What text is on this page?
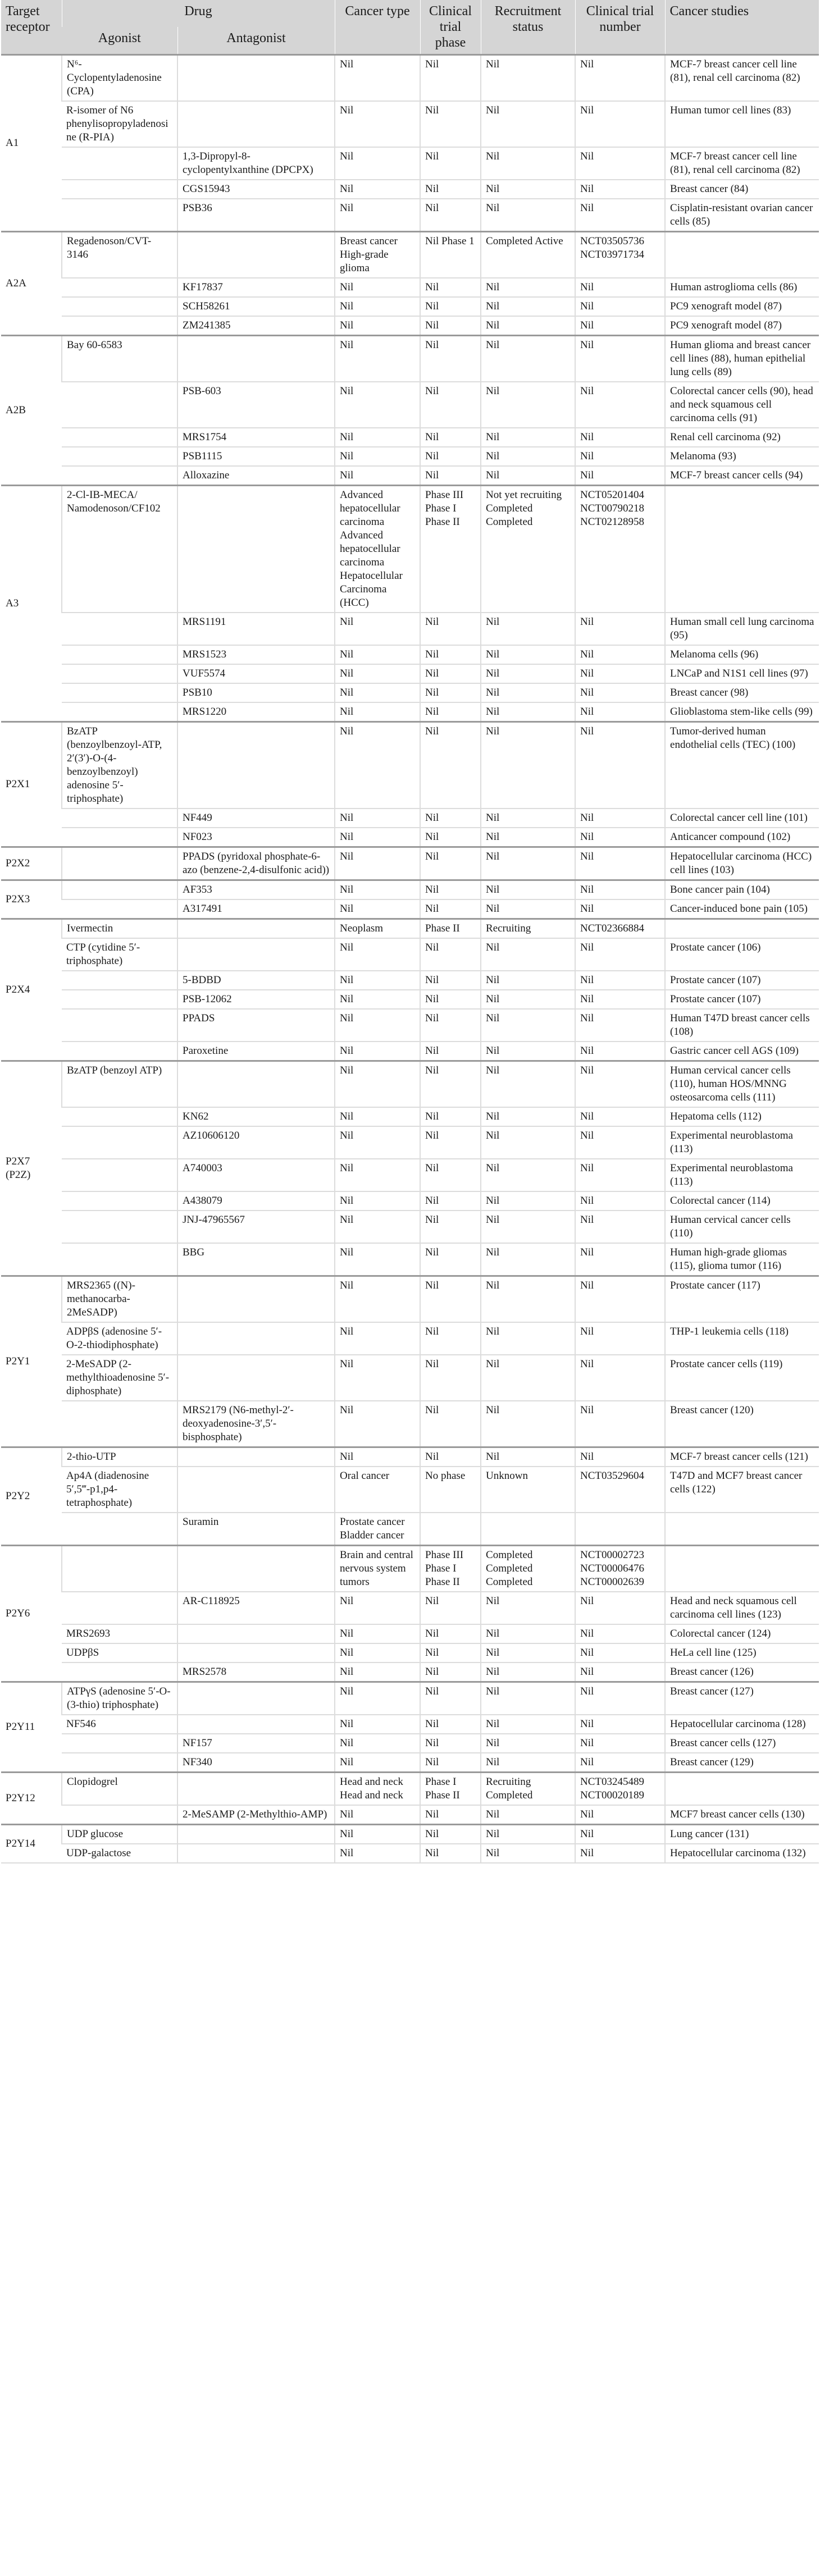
Target receptor	Drug		Cancer type	Clinical trial phase	Recruitment status	Clinical trial number	Cancer studies
	Agonist	Antagonist					
A1	N⁶-Cyclopentyladenosine (CPA)		Nil	Nil	Nil	Nil	MCF-7 breast cancer cell line (81), renal cell carcinoma (82)
	R-isomer of N6 phenylisopropyladenosine (R-PIA)		Nil	Nil	Nil	Nil	Human tumor cell lines (83)
		1,3-Dipropyl-8-cyclopentylxanthine (DPCPX)	Nil	Nil	Nil	Nil	MCF-7 breast cancer cell line (81), renal cell carcinoma (82)
		CGS15943	Nil	Nil	Nil	Nil	Breast cancer (84)
		PSB36	Nil	Nil	Nil	Nil	Cisplatin-resistant ovarian cancer cells (85)
A2A	Regadenoson/CVT-3146		Breast cancer High-grade glioma	Nil Phase 1	Completed Active	NCT03505736 NCT03971734	
		KF17837	Nil	Nil	Nil	Nil	Human astroglioma cells (86)
		SCH58261	Nil	Nil	Nil	Nil	PC9 xenograft model (87)
		ZM241385	Nil	Nil	Nil	Nil	PC9 xenograft model (87)
A2B	Bay 60-6583		Nil	Nil	Nil	Nil	Human glioma and breast cancer cell lines (88), human epithelial lung cells (89)
		PSB-603	Nil	Nil	Nil	Nil	Colorectal cancer cells (90), head and neck squamous cell carcinoma cells (91)
		MRS1754	Nil	Nil	Nil	Nil	Renal cell carcinoma (92)
		PSB1115	Nil	Nil	Nil	Nil	Melanoma (93)
		Alloxazine	Nil	Nil	Nil	Nil	MCF-7 breast cancer cells (94)
A3	2-Cl-IB-MECA/ Namodenoson/CF102		Advanced hepatocellular carcinoma Advanced hepatocellular carcinoma Hepatocellular Carcinoma (HCC)	Phase III Phase I Phase II	Not yet recruiting Completed Completed	NCT05201404 NCT00790218 NCT02128958	
		MRS1191	Nil	Nil	Nil	Nil	Human small cell lung carcinoma (95)
		MRS1523	Nil	Nil	Nil	Nil	Melanoma cells (96)
		VUF5574	Nil	Nil	Nil	Nil	LNCaP and N1S1 cell lines (97)
		PSB10	Nil	Nil	Nil	Nil	Breast cancer (98)
		MRS1220	Nil	Nil	Nil	Nil	Glioblastoma stem-like cells (99)
P2X1	BzATP (benzoylbenzoyl-ATP, 2′(3′)-O-(4-benzoylbenzoyl) adenosine 5′-triphosphate)		Nil	Nil	Nil	Nil	Tumor-derived human endothelial cells (TEC) (100)
		NF449	Nil	Nil	Nil	Nil	Colorectal cancer cell line (101)
		NF023	Nil	Nil	Nil	Nil	Anticancer compound (102)
P2X2		PPADS (pyridoxal phosphate-6-azo (benzene-2,4-disulfonic acid))	Nil	Nil	Nil	Nil	Hepatocellular carcinoma (HCC) cell lines (103)
P2X3		AF353	Nil	Nil	Nil	Nil	Bone cancer pain (104)
		A317491	Nil	Nil	Nil	Nil	Cancer-induced bone pain (105)
P2X4	Ivermectin		Neoplasm	Phase II	Recruiting	NCT02366884	
	CTP (cytidine 5′-triphosphate)		Nil	Nil	Nil	Nil	Prostate cancer (106)
		5-BDBD	Nil	Nil	Nil	Nil	Prostate cancer (107)
		PSB-12062	Nil	Nil	Nil	Nil	Prostate cancer (107)
		PPADS	Nil	Nil	Nil	Nil	Human T47D breast cancer cells (108)
		Paroxetine	Nil	Nil	Nil	Nil	Gastric cancer cell AGS (109)
P2X7 (P2Z)	BzATP (benzoyl ATP)		Nil	Nil	Nil	Nil	Human cervical cancer cells (110), human HOS/MNNG osteosarcoma cells (111)
		KN62	Nil	Nil	Nil	Nil	Hepatoma cells (112)
		AZ10606120	Nil	Nil	Nil	Nil	Experimental neuroblastoma (113)
		A740003	Nil	Nil	Nil	Nil	Experimental neuroblastoma (113)
		A438079	Nil	Nil	Nil	Nil	Colorectal cancer (114)
		JNJ-47965567	Nil	Nil	Nil	Nil	Human cervical cancer cells (110)
		BBG	Nil	Nil	Nil	Nil	Human high-grade gliomas (115), glioma tumor (116)
P2Y1	MRS2365 ((N)-methanocarba-2MeSADP)		Nil	Nil	Nil	Nil	Prostate cancer (117)
	ADPβS (adenosine 5′-O-2-thiodiphosphate)		Nil	Nil	Nil	Nil	THP-1 leukemia cells (118)
	2-MeSADP (2-methylthioadenosine 5′-diphosphate)		Nil	Nil	Nil	Nil	Prostate cancer cells (119)
		MRS2179 (N6-methyl-2′-deoxyadenosine-3′,5′-bisphosphate)	Nil	Nil	Nil	Nil	Breast cancer (120)
P2Y2	2-thio-UTP		Nil	Nil	Nil	Nil	MCF-7 breast cancer cells (121)
	Ap4A (diadenosine 5′,5‴-p1,p4-tetraphosphate)		Oral cancer	No phase	Unknown	NCT03529604	T47D and MCF7 breast cancer cells (122)
		Suramin	Prostate cancer Bladder cancer				
P2Y6			Brain and central nervous system tumors	Phase III Phase I Phase II	Completed Completed Completed	NCT00002723 NCT00006476 NCT00002639	
		AR-C118925	Nil	Nil	Nil	Nil	Head and neck squamous cell carcinoma cell lines (123)
	MRS2693		Nil	Nil	Nil	Nil	Colorectal cancer (124)
	UDPβS		Nil	Nil	Nil	Nil	HeLa cell line (125)
		MRS2578	Nil	Nil	Nil	Nil	Breast cancer (126)
P2Y11	ATPγS (adenosine 5′-O-(3-thio) triphosphate)		Nil	Nil	Nil	Nil	Breast cancer (127)
	NF546		Nil	Nil	Nil	Nil	Hepatocellular carcinoma (128)
		NF157	Nil	Nil	Nil	Nil	Breast cancer cells (127)
		NF340	Nil	Nil	Nil	Nil	Breast cancer (129)
P2Y12	Clopidogrel		Head and neck Head and neck	Phase I Phase II	Recruiting Completed	NCT03245489 NCT00020189	
		2-MeSAMP (2-Methylthio-AMP)	Nil	Nil	Nil	Nil	MCF7 breast cancer cells (130)
P2Y14	UDP glucose		Nil	Nil	Nil	Nil	Lung cancer (131)
	UDP-galactose		Nil	Nil	Nil	Nil	Hepatocellular carcinoma (132)
